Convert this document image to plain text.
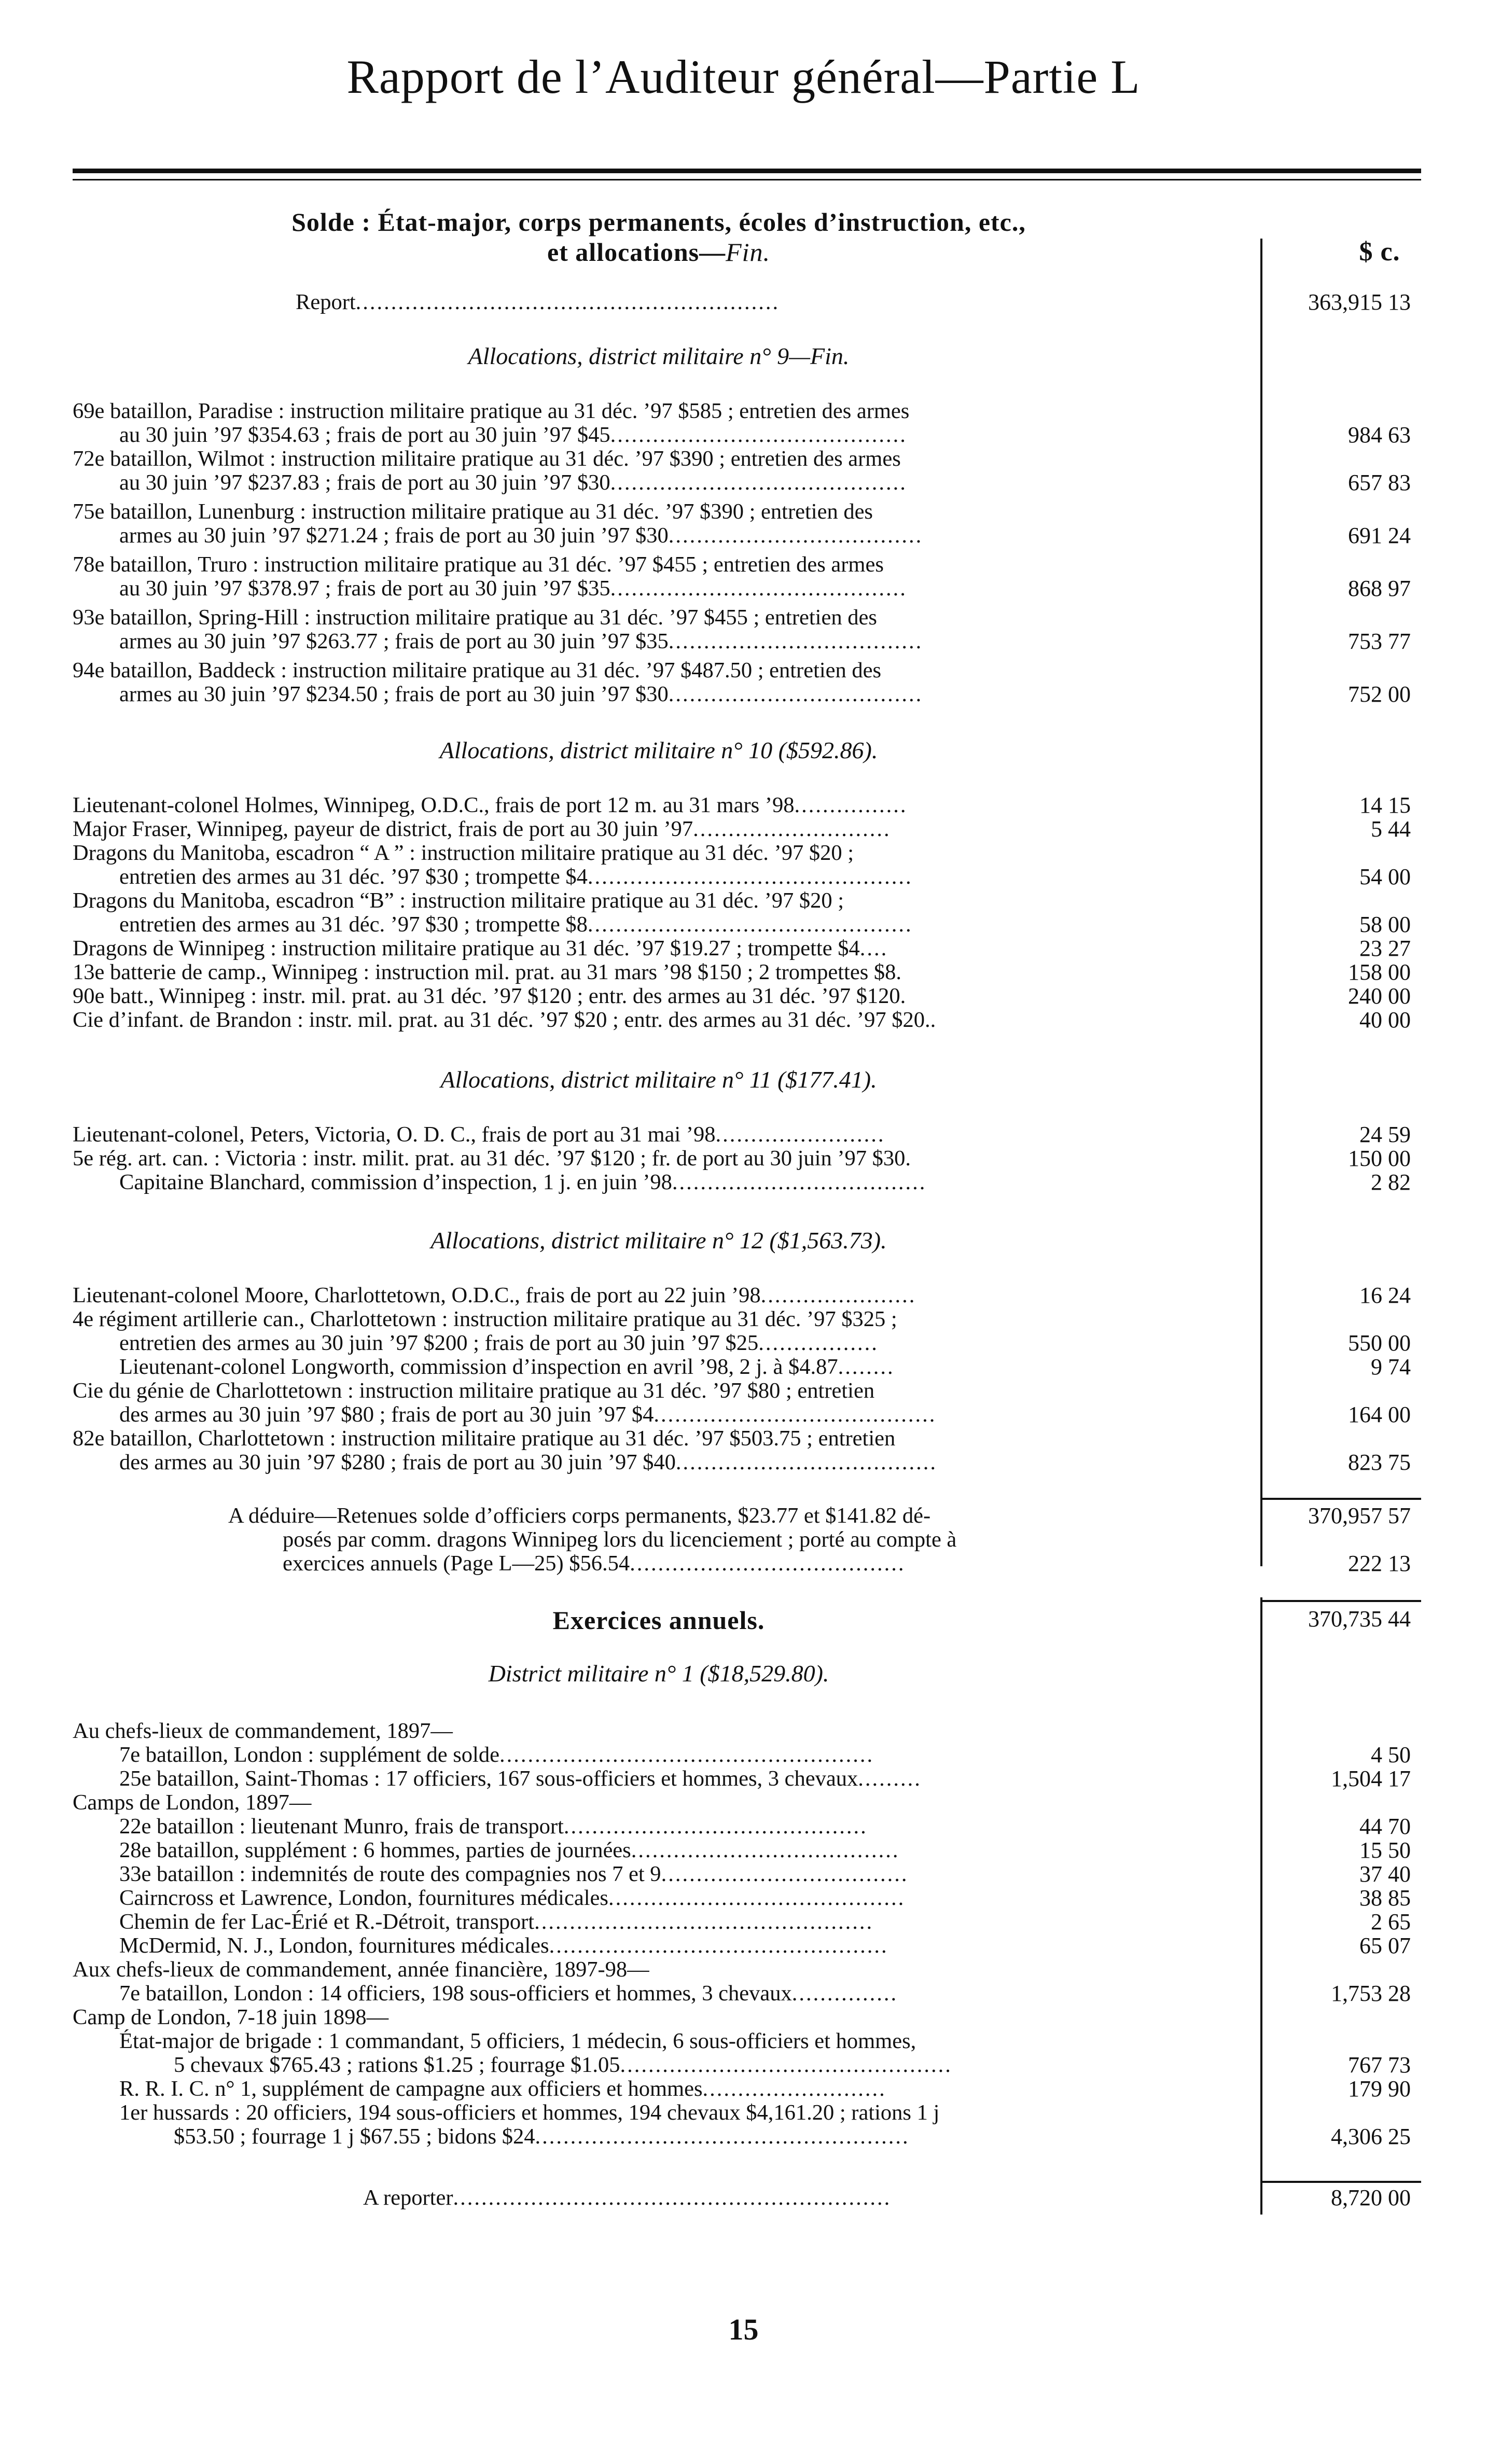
Rapport de l’Auditeur général—Partie L
Solde : État-major, corps permanents, écoles d’instruction, etc.,
et allocations—Fin.	$ c.
Report............................................................	363,915 13
Allocations, district militaire n° 9—Fin.
69e bataillon, Paradise : instruction militaire pratique au 31 déc. ’97 $585 ; entretien des armes
au 30 juin ’97 $354.63 ; frais de port au 30 juin ’97 $45..........................................	984 63
72e bataillon, Wilmot : instruction militaire pratique au 31 déc. ’97 $390 ; entretien des armes
au 30 juin ’97 $237.83 ; frais de port au 30 juin ’97 $30..........................................	657 83
75e bataillon, Lunenburg : instruction militaire pratique au 31 déc. ’97 $390 ; entretien des
armes au 30 juin ’97 $271.24 ; frais de port au 30 juin ’97 $30....................................	691 24
78e bataillon, Truro : instruction militaire pratique au 31 déc. ’97 $455 ; entretien des armes
au 30 juin ’97 $378.97 ; frais de port au 30 juin ’97 $35..........................................	868 97
93e bataillon, Spring-Hill : instruction militaire pratique au 31 déc. ’97 $455 ; entretien des
armes au 30 juin ’97 $263.77 ; frais de port au 30 juin ’97 $35....................................	753 77
94e bataillon, Baddeck : instruction militaire pratique au 31 déc. ’97 $487.50 ; entretien des
armes au 30 juin ’97 $234.50 ; frais de port au 30 juin ’97 $30....................................	752 00
Allocations, district militaire n° 10 ($592.86).
Lieutenant-colonel Holmes, Winnipeg, O.D.C., frais de port 12 m. au 31 mars ’98................	14 15
Major Fraser, Winnipeg, payeur de district, frais de port au 30 juin ’97............................	5 44
Dragons du Manitoba, escadron “ A ” : instruction militaire pratique au 31 déc. ’97 $20 ;
entretien des armes au 31 déc. ’97 $30 ; trompette $4..............................................	54 00
Dragons du Manitoba, escadron “B” : instruction militaire pratique au 31 déc. ’97 $20 ;
entretien des armes au 31 déc. ’97 $30 ; trompette $8..............................................	58 00
Dragons de Winnipeg : instruction militaire pratique au 31 déc. ’97 $19.27 ; trompette $4....	23 27
13e batterie de camp., Winnipeg : instruction mil. prat. au 31 mars ’98 $150 ; 2 trompettes $8.	158 00
90e batt., Winnipeg : instr. mil. prat. au 31 déc. ’97 $120 ; entr. des armes au 31 déc. ’97 $120.	240 00
Cie d’infant. de Brandon : instr. mil. prat. au 31 déc. ’97 $20 ; entr. des armes au 31 déc. ’97 $20..	40 00
Allocations, district militaire n° 11 ($177.41).
Lieutenant-colonel, Peters, Victoria, O. D. C., frais de port au 31 mai ’98........................	24 59
5e rég. art. can. : Victoria : instr. milit. prat. au 31 déc. ’97 $120 ; fr. de port au 30 juin ’97 $30.	150 00
Capitaine Blanchard, commission d’inspection, 1 j. en juin ’98....................................	2 82
Allocations, district militaire n° 12 ($1,563.73).
Lieutenant-colonel Moore, Charlottetown, O.D.C., frais de port au 22 juin ’98......................	16 24
4e régiment artillerie can., Charlottetown : instruction militaire pratique au 31 déc. ’97 $325 ;
entretien des armes au 30 juin ’97 $200 ; frais de port au 30 juin ’97 $25.................	550 00
Lieutenant-colonel Longworth, commission d’inspection en avril ’98, 2 j. à $4.87........	9 74
Cie du génie de Charlottetown : instruction militaire pratique au 31 déc. ’97 $80 ; entretien
des armes au 30 juin ’97 $80 ; frais de port au 30 juin ’97 $4........................................	164 00
82e bataillon, Charlottetown : instruction militaire pratique au 31 déc. ’97 $503.75 ; entretien
des armes au 30 juin ’97 $280 ; frais de port au 30 juin ’97 $40.....................................	823 75
A déduire—Retenues solde d’officiers corps permanents, $23.77 et $141.82 dé-	370,957 57
posés par comm. dragons Winnipeg lors du licenciement ; porté au compte à
exercices annuels (Page L—25) $56.54.......................................	222 13
Exercices annuels.	370,735 44
District militaire n° 1 ($18,529.80).
Au chefs-lieux de commandement, 1897—
7e bataillon, London : supplément de solde.....................................................	4 50
25e bataillon, Saint-Thomas : 17 officiers, 167 sous-officiers et hommes, 3 chevaux.........	1,504 17
Camps de London, 1897—
22e bataillon : lieutenant Munro, frais de transport...........................................	44 70
28e bataillon, supplément : 6 hommes, parties de journées......................................	15 50
33e bataillon : indemnités de route des compagnies nos 7 et 9...................................	37 40
Cairncross et Lawrence, London, fournitures médicales..........................................	38 85
Chemin de fer Lac-Érié et R.-Détroit, transport................................................	2 65
McDermid, N. J., London, fournitures médicales................................................	65 07
Aux chefs-lieux de commandement, année financière, 1897-98—
7e bataillon, London : 14 officiers, 198 sous-officiers et hommes, 3 chevaux...............	1,753 28
Camp de London, 7-18 juin 1898—
État-major de brigade : 1 commandant, 5 officiers, 1 médecin, 6 sous-officiers et hommes,
5 chevaux $765.43 ; rations $1.25 ; fourrage $1.05...............................................	767 73
R. R. I. C. n° 1, supplément de campagne aux officiers et hommes..........................	179 90
1er hussards : 20 officiers, 194 sous-officiers et hommes, 194 chevaux $4,161.20 ; rations 1 j
$53.50 ; fourrage 1 j $67.55 ; bidons $24.....................................................	4,306 25
A reporter..............................................................	8,720 00
15
